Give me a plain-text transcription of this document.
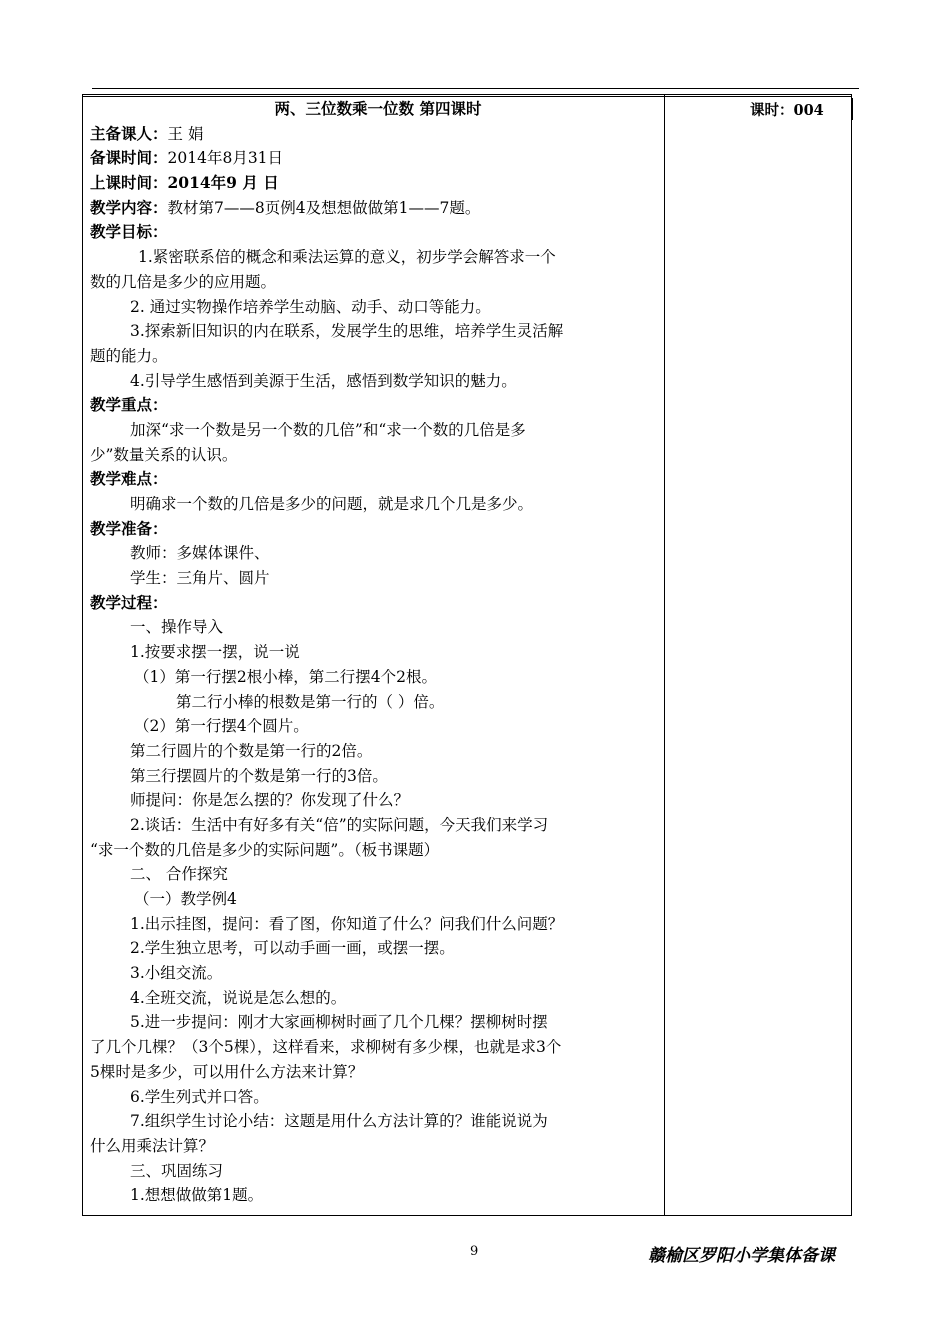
课时：004
两、三位数乘一位数 第四课时
主备课人：王 娟
备课时间：2014年8月31日
上课时间：2014年9 月 日
教学内容：教材第7——8页例4及想想做做第1——7题。
教学目标：
1.紧密联系倍的概念和乘法运算的意义，初步学会解答求一个
数的几倍是多少的应用题。
2. 通过实物操作培养学生动脑、动手、动口等能力。
3.探索新旧知识的内在联系，发展学生的思维，培养学生灵活解
题的能力。
4.引导学生感悟到美源于生活，感悟到数学知识的魅力。
教学重点：
加深“求一个数是另一个数的几倍”和“求一个数的几倍是多
少”数量关系的认识。
教学难点：
明确求一个数的几倍是多少的问题，就是求几个几是多少。
教学准备：
教师：多媒体课件、
学生：三角片、圆片
教学过程：
一、操作导入
1.按要求摆一摆，说一说
（1）第一行摆2根小棒，第二行摆4个2根。
第二行小棒的根数是第一行的（ ）倍。
（2）第一行摆4个圆片。
第二行圆片的个数是第一行的2倍。
第三行摆圆片的个数是第一行的3倍。
师提问：你是怎么摆的？你发现了什么？
2.谈话：生活中有好多有关“倍”的实际问题，今天我们来学习
“求一个数的几倍是多少的实际问题”。（板书课题）
二、 合作探究
（一）教学例4
1.出示挂图，提问：看了图，你知道了什么？问我们什么问题？
2.学生独立思考，可以动手画一画，或摆一摆。
3.小组交流。
4.全班交流，说说是怎么想的。
5.进一步提问：刚才大家画柳树时画了几个几棵？摆柳树时摆
了几个几棵？（3个5棵），这样看来，求柳树有多少棵，也就是求3个
5棵时是多少，可以用什么方法来计算？
6.学生列式并口答。
7.组织学生讨论小结：这题是用什么方法计算的？谁能说说为
什么用乘法计算？
三、巩固练习
1.想想做做第1题。
9	赣榆区罗阳小学集体备课
